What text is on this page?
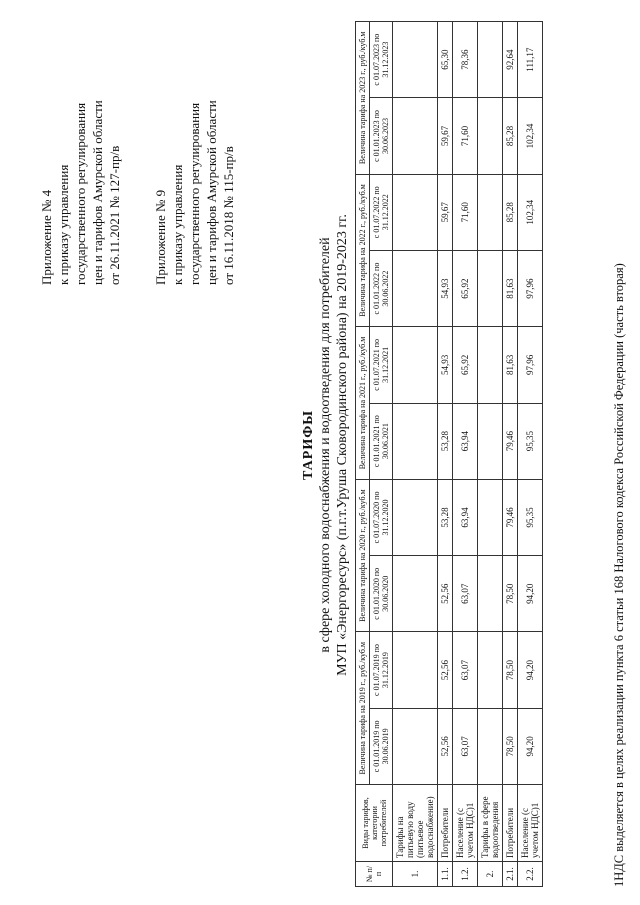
Приложение № 4 к приказу управления государственного регулирования цен и тарифов Амурской области от 26.11.2021 № 127-пр/в Приложение № 9 к приказу управления государственного регулирования цен и тарифов Амурской области от 16.11.2018 № 115-пр/в
ТАРИФЫ в сфере холодного водоснабжения и водоотведения для потребителей МУП «Энергоресурс» (п.г.т.Уруша Сковородинского района) на 2019-2023 гг.
№ п/п	Виды тарифов, категории потребителей	Величина тарифа на 2019 г., руб./куб.м		Величина тарифа на 2020 г., руб./куб.м		Величина тарифа на 2021 г., руб./куб.м		Величина тарифа на 2022 г., руб./куб.м		Величина тарифа на 2023 г., руб./куб.м	
		с 01.01.2019 по 30.06.2019	с 01.07.2019 по 31.12.2019	с 01.01.2020 по 30.06.2020	с 01.07.2020 по 31.12.2020	с 01.01.2021 по 30.06.2021	с 01.07.2021 по 31.12.2021	с 01.01.2022 по 30.06.2022	с 01.07.2022 по 31.12.2022	с 01.01.2023 по 30.06.2023	с 01.07.2023 по 31.12.2023
1.	Тарифы на питьевую воду (питьевое водоснабжение)										
1.1.	Потребители	52,56	52,56	52,56	53,28	53,28	54,93	54,93	59,67	59,67	65,30
1.2.	Население (с учетом НДС)1	63,07	63,07	63,07	63,94	63,94	65,92	65,92	71,60	71,60	78,36
2.	Тарифы в сфере водоотведения										
2.1.	Потребители	78,50	78,50	78,50	79,46	79,46	81,63	81,63	85,28	85,28	92,64
2.2.	Население (с учетом НДС)1	94,20	94,20	94,20	95,35	95,35	97,96	97,96	102,34	102,34	111,17
1НДС выделяется в целях реализации пункта 6 статьи 168 Налогового кодекса Российской Федерации (часть вторая)
